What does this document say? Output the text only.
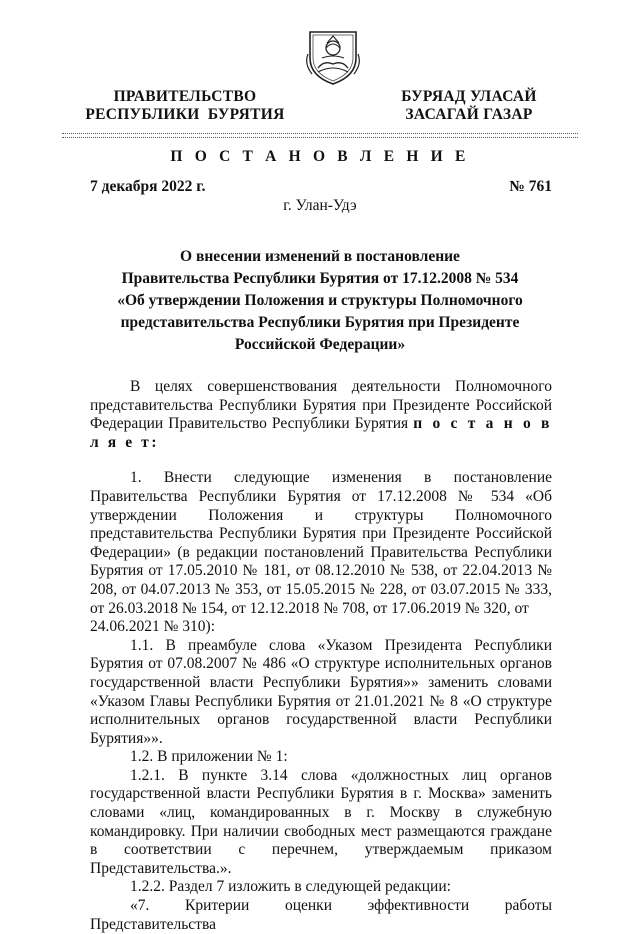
ПРАВИТЕЛЬСТВО
РЕСПУБЛИКИ  БУРЯТИЯ
БУРЯАД УЛАСАЙ
ЗАСАГАЙ ГАЗАР
П О С Т А Н О В Л Е Н И Е
7 декабря 2022 г.	№ 761
г. Улан-Удэ
О внесении изменений в постановление
Правительства Республики Бурятия от 17.12.2008 № 534
«Об утверждении Положения и структуры Полномочного
представительства Республики Бурятия при Президенте
Российской Федерации»

В целях совершенствования деятельности Полномочного представительства Республики Бурятия при Президенте Российской Федерации Правительство Республики Бурятия п о с т а н о в л я е т:

1. Внести следующие изменения в постановление Правительства Республики Бурятия от 17.12.2008 № 534 «Об утверждении Положения и структуры Полномочного представительства Республики Бурятия при Президенте Российской Федерации» (в редакции постановлений Правительства Республики Бурятия от 17.05.2010 № 181, от 08.12.2010 № 538, от 22.04.2013 № 208, от 04.07.2013 № 353, от 15.05.2015 № 228, от 03.07.2015 № 333, от 26.03.2018 № 154, от 12.12.2018 № 708, от 17.06.2019 № 320, от

24.06.2021 № 310):

1.1. В преамбуле слова «Указом Президента Республики Бурятия от 07.08.2007 № 486 «О структуре исполнительных органов государственной власти Республики Бурятия»» заменить словами «Указом Главы Республики Бурятия от 21.01.2021 № 8 «О структуре исполнительных органов государственной власти Республики Бурятия»».

1.2. В приложении № 1:

1.2.1. В пункте 3.14 слова «должностных лиц органов государственной власти Республики Бурятия в г. Москва» заменить словами «лиц, командированных в г. Москву в служебную командировку. При наличии свободных мест размещаются граждане в соответствии с перечнем, утверждаемым приказом Представительства.».

1.2.2. Раздел 7 изложить в следующей редакции:

«7. Критерии оценки эффективности работы Представительства
